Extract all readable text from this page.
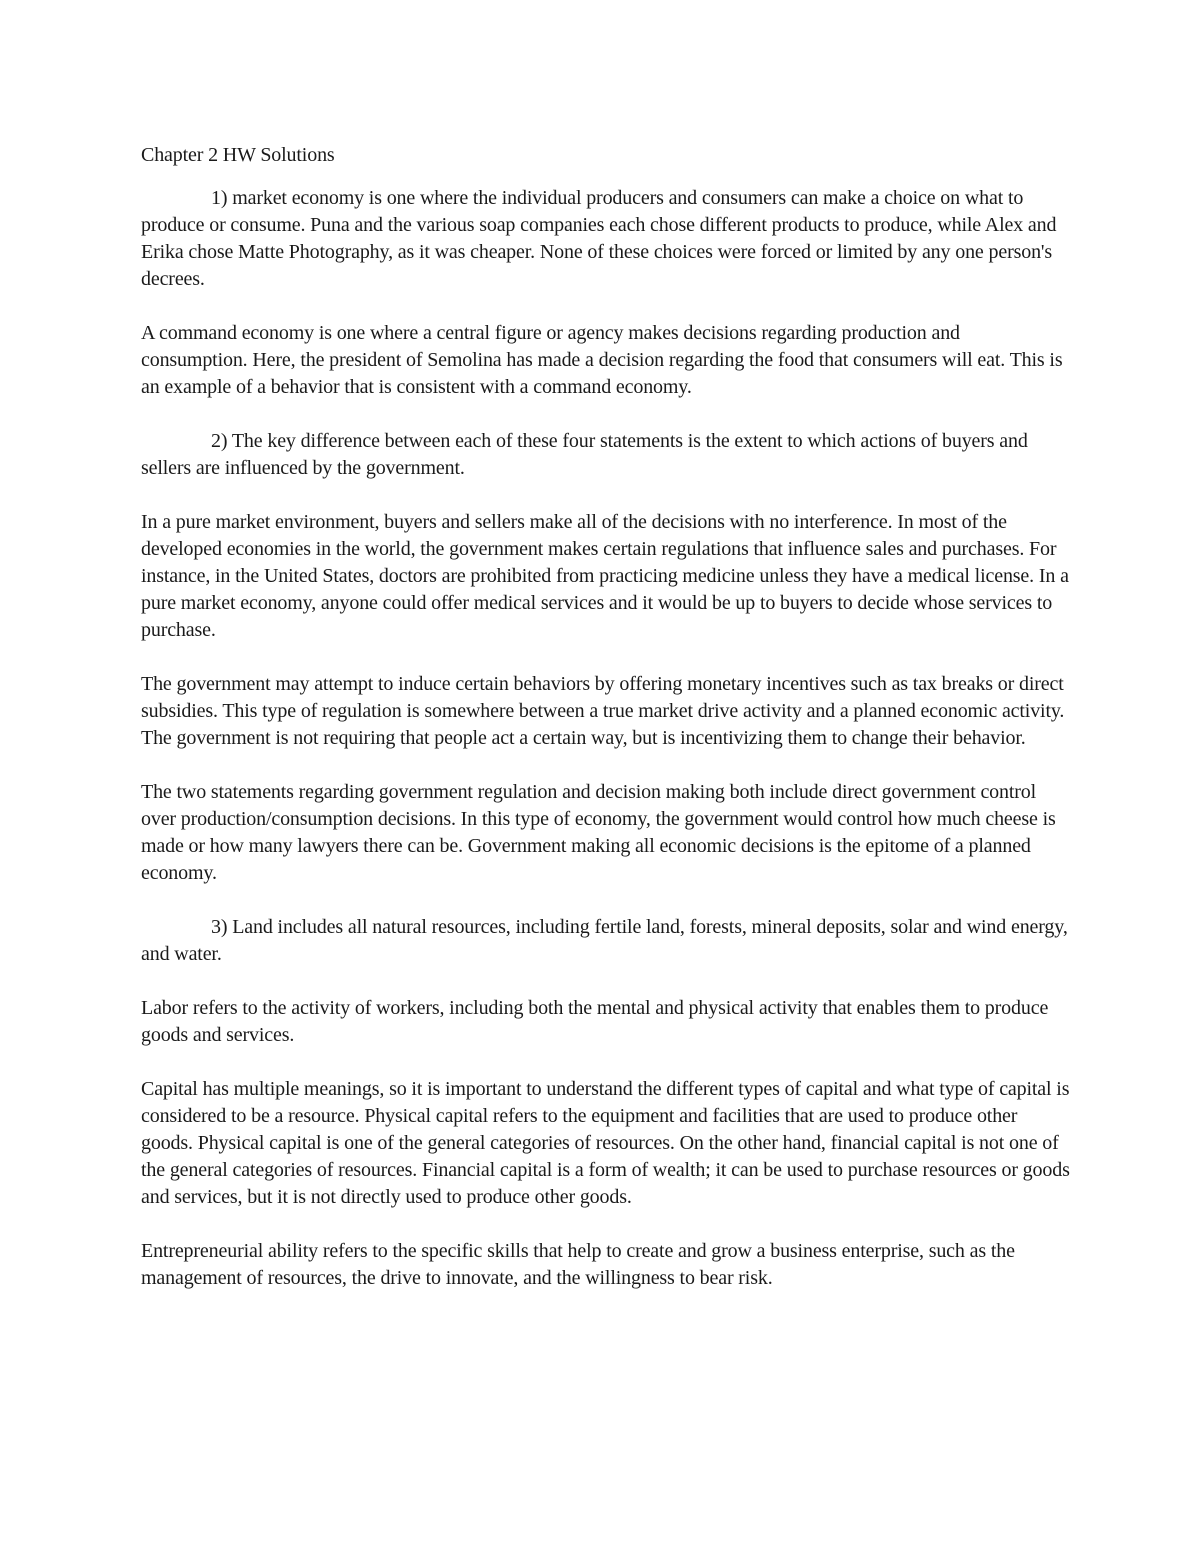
Chapter 2 HW Solutions

1) market economy is one where the individual producers and consumers can make a choice on what to produce or consume. Puna and the various soap companies each chose different products to produce, while Alex and Erika chose Matte Photography, as it was cheaper. None of these choices were forced or limited by any one person's decrees.

A command economy is one where a central figure or agency makes decisions regarding production and consumption. Here, the president of Semolina has made a decision regarding the food that consumers will eat. This is an example of a behavior that is consistent with a command economy.

2) The key difference between each of these four statements is the extent to which actions of buyers and sellers are influenced by the government.

In a pure market environment, buyers and sellers make all of the decisions with no interference. In most of the developed economies in the world, the government makes certain regulations that influence sales and purchases. For instance, in the United States, doctors are prohibited from practicing medicine unless they have a medical license. In a pure market economy, anyone could offer medical services and it would be up to buyers to decide whose services to purchase.

The government may attempt to induce certain behaviors by offering monetary incentives such as tax breaks or direct subsidies. This type of regulation is somewhere between a true market drive activity and a planned economic activity. The government is not requiring that people act a certain way, but is incentivizing them to change their behavior.

The two statements regarding government regulation and decision making both include direct government control over production/consumption decisions. In this type of economy, the government would control how much cheese is made or how many lawyers there can be. Government making all economic decisions is the epitome of a planned economy.

3) Land includes all natural resources, including fertile land, forests, mineral deposits, solar and wind energy, and water.

Labor refers to the activity of workers, including both the mental and physical activity that enables them to produce goods and services.

Capital has multiple meanings, so it is important to understand the different types of capital and what type of capital is considered to be a resource. Physical capital refers to the equipment and facilities that are used to produce other goods. Physical capital is one of the general categories of resources. On the other hand, financial capital is not one of the general categories of resources. Financial capital is a form of wealth; it can be used to purchase resources or goods and services, but it is not directly used to produce other goods.

Entrepreneurial ability refers to the specific skills that help to create and grow a business enterprise, such as the management of resources, the drive to innovate, and the willingness to bear risk.
